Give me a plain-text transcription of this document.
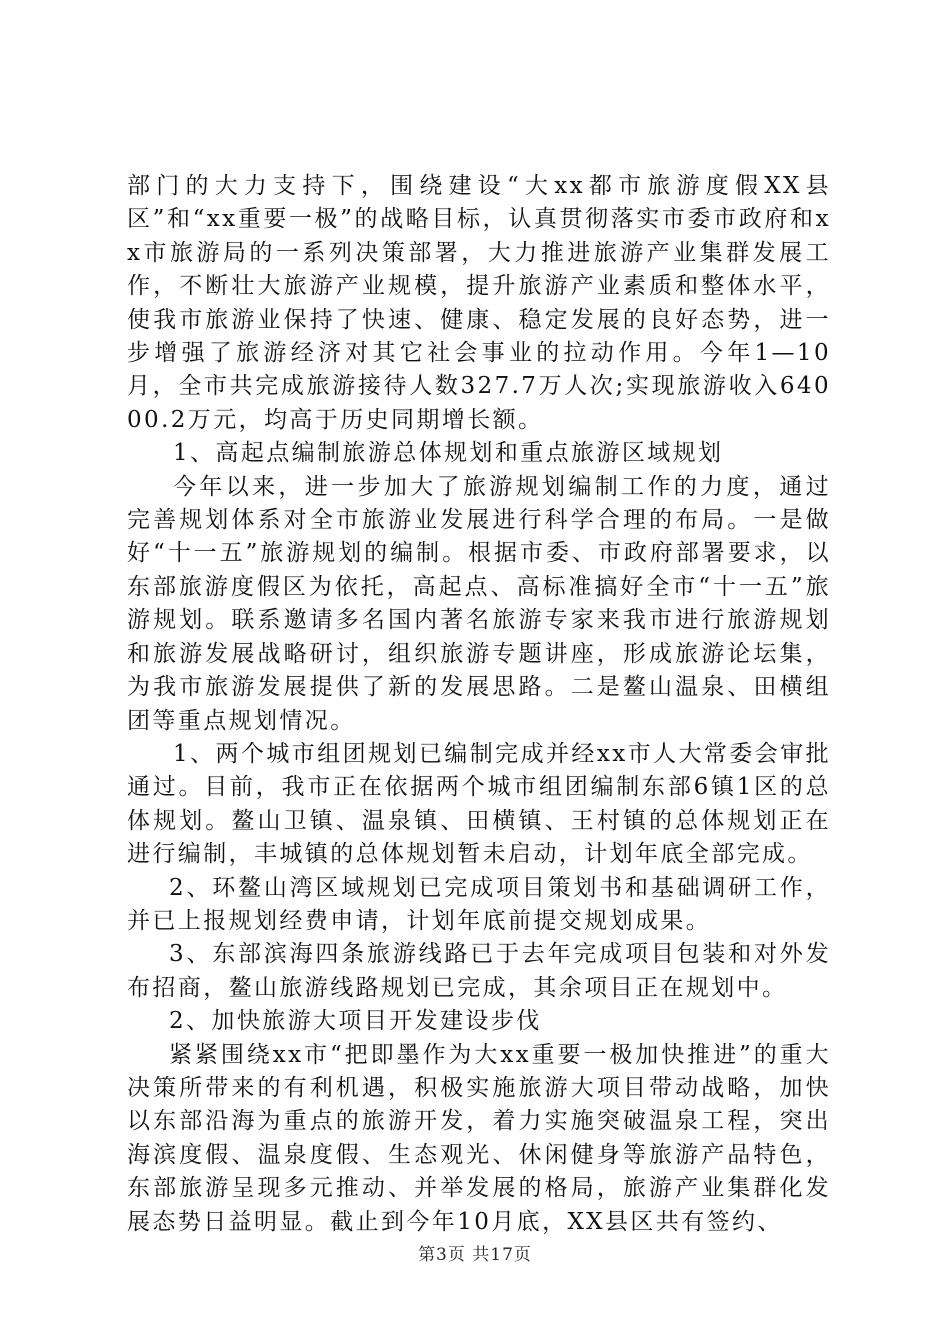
部门的大力支持下，围绕建设“大xx都市旅游度假XX县区”和“xx重要一极”的战略目标，认真贯彻落实市委市政府和xx市旅游局的一系列决策部署，大力推进旅游产业集群发展工作，不断壮大旅游产业规模，提升旅游产业素质和整体水平，使我市旅游业保持了快速、健康、稳定发展的良好态势，进一步增强了旅游经济对其它社会事业的拉动作用。今年1—10月，全市共完成旅游接待人数327.7万人次;实现旅游收入64000.2万元，均高于历史同期增长额。

1、高起点编制旅游总体规划和重点旅游区域规划

今年以来，进一步加大了旅游规划编制工作的力度，通过完善规划体系对全市旅游业发展进行科学合理的布局。一是做好“十一五”旅游规划的编制。根据市委、市政府部署要求，以东部旅游度假区为依托，高起点、高标准搞好全市“十一五”旅游规划。联系邀请多名国内著名旅游专家来我市进行旅游规划和旅游发展战略研讨，组织旅游专题讲座，形成旅游论坛集，为我市旅游发展提供了新的发展思路。二是鳌山温泉、田横组团等重点规划情况。

1、两个城市组团规划已编制完成并经xx市人大常委会审批通过。目前，我市正在依据两个城市组团编制东部6镇1区的总体规划。鳌山卫镇、温泉镇、田横镇、王村镇的总体规划正在进行编制，丰城镇的总体规划暂未启动，计划年底全部完成。

2、环鳌山湾区域规划已完成项目策划书和基础调研工作，并已上报规划经费申请，计划年底前提交规划成果。

3、东部滨海四条旅游线路已于去年完成项目包装和对外发布招商，鳌山旅游线路规划已完成，其余项目正在规划中。

2、加快旅游大项目开发建设步伐

紧紧围绕xx市“把即墨作为大xx重要一极加快推进”的重大决策所带来的有利机遇，积极实施旅游大项目带动战略，加快以东部沿海为重点的旅游开发，着力实施突破温泉工程，突出海滨度假、温泉度假、生态观光、休闲健身等旅游产品特色，东部旅游呈现多元推动、并举发展的格局，旅游产业集群化发展态势日益明显。截止到今年10月底，XX县区共有签约、

第3页 共17页
